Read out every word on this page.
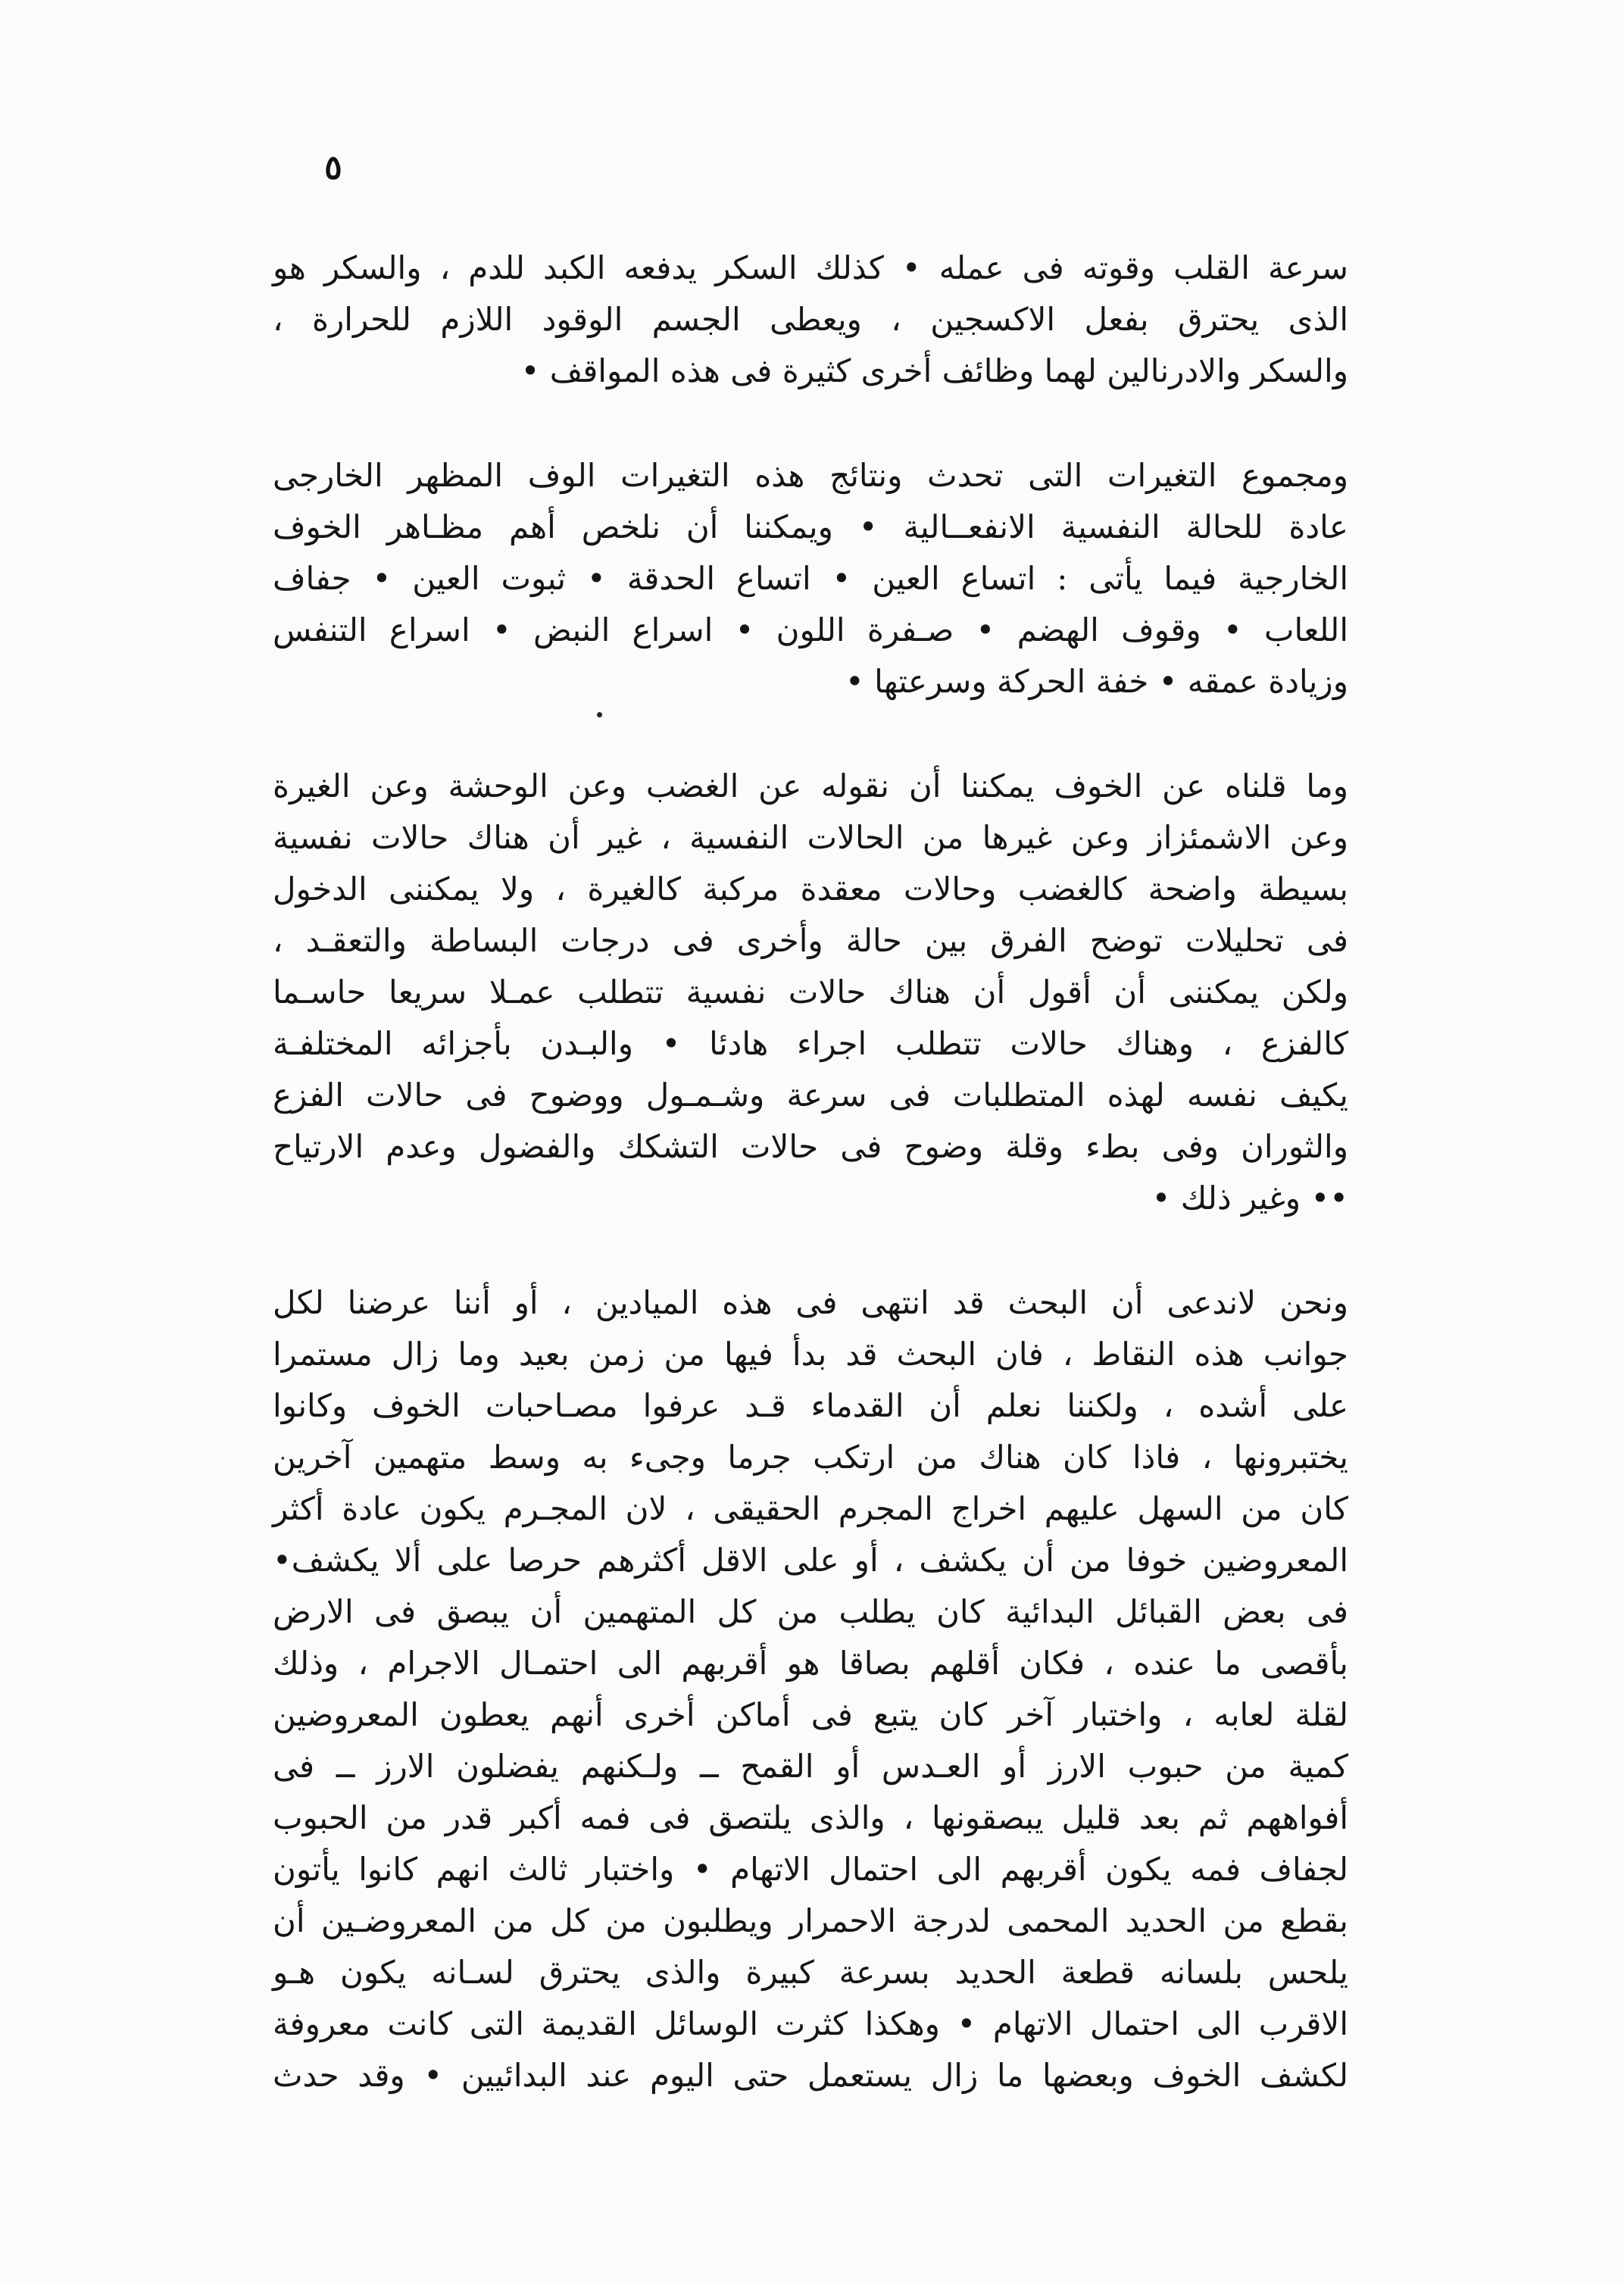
٥

سرعة القلب وقوته فى عمله • كذلك السكر يدفعه الكبد للدم ، والسكر هو
الذى يحترق بفعل الاكسجين ، ويعطى الجسم الوقود اللازم للحرارة ،
والسكر والادرنالين لهما وظائف أخرى كثيرة فى هذه المواقف •

ومجموع التغيرات التى تحدث ونتائج هذه التغيرات الوف المظهر الخارجى
عادة للحالة النفسية الانفعــالية • ويمكننا أن نلخص أهم مظـاهر الخوف
الخارجية فيما يأتى : اتساع العين • اتساع الحدقة • ثبوت العين • جفاف
اللعاب • وقوف الهضم • صـفرة اللون • اسراع النبض • اسراع التنفس
وزيادة عمقه • خفة الحركة وسرعتها •

وما قلناه عن الخوف يمكننا أن نقوله عن الغضب وعن الوحشة وعن الغيرة
وعن الاشمئزاز وعن غيرها من الحالات النفسية ، غير أن هناك حالات نفسية
بسيطة واضحة كالغضب وحالات معقدة مركبة كالغيرة ، ولا يمكننى الدخول
فى تحليلات توضح الفرق بين حالة وأخرى فى درجات البساطة والتعقـد ،
ولكن يمكننى أن أقول أن هناك حالات نفسية تتطلب عمـلا سريعا حاسـما
كالفزع ، وهناك حالات تتطلب اجراء هادئا • والبـدن بأجزائه المختلفـة
يكيف نفسه لهذه المتطلبات فى سرعة وشـمـول ووضوح فى حالات الفزع
والثوران وفى بطء وقلة وضوح فى حالات التشكك والفضول وعدم الارتياح
•• وغير ذلك •

ونحن لاندعى أن البحث قد انتهى فى هذه الميادين ، أو أننا عرضنا لكل
جوانب هذه النقاط ، فان البحث قد بدأ فيها من زمن بعيد وما زال مستمرا
على أشده ، ولكننا نعلم أن القدماء قـد عرفوا مصـاحبات الخوف وكانوا
يختبرونها ، فاذا كان هناك من ارتكب جرما وجىء به وسط متهمين آخرين
كان من السهل عليهم اخراج المجرم الحقيقى ، لان المجـرم يكون عادة أكثر
المعروضين خوفا من أن يكشف ، أو على الاقل أكثرهم حرصا على ألا يكشف•
فى بعض القبائل البدائية كان يطلب من كل المتهمين أن يبصق فى الارض
بأقصى ما عنده ، فكان أقلهم بصاقا هو أقربهم الى احتمـال الاجرام ، وذلك
لقلة لعابه ، واختبار آخر كان يتبع فى أماكن أخرى أنهم يعطون المعروضين
كمية من حبوب الارز أو العـدس أو القمح ــ ولـكنهم يفضلون الارز ــ فى
أفواههم ثم بعد قليل يبصقونها ، والذى يلتصق فى فمه أكبر قدر من الحبوب
لجفاف فمه يكون أقربهم الى احتمال الاتهام • واختبار ثالث انهم كانوا يأتون
بقطع من الحديد المحمى لدرجة الاحمرار ويطلبون من كل من المعروضـين أن
يلحس بلسانه قطعة الحديد بسرعة كبيرة والذى يحترق لسـانه يكون هـو
الاقرب الى احتمال الاتهام • وهكذا كثرت الوسائل القديمة التى كانت معروفة
لكشف الخوف وبعضها ما زال يستعمل حتى اليوم عند البدائيين • وقد حدث
